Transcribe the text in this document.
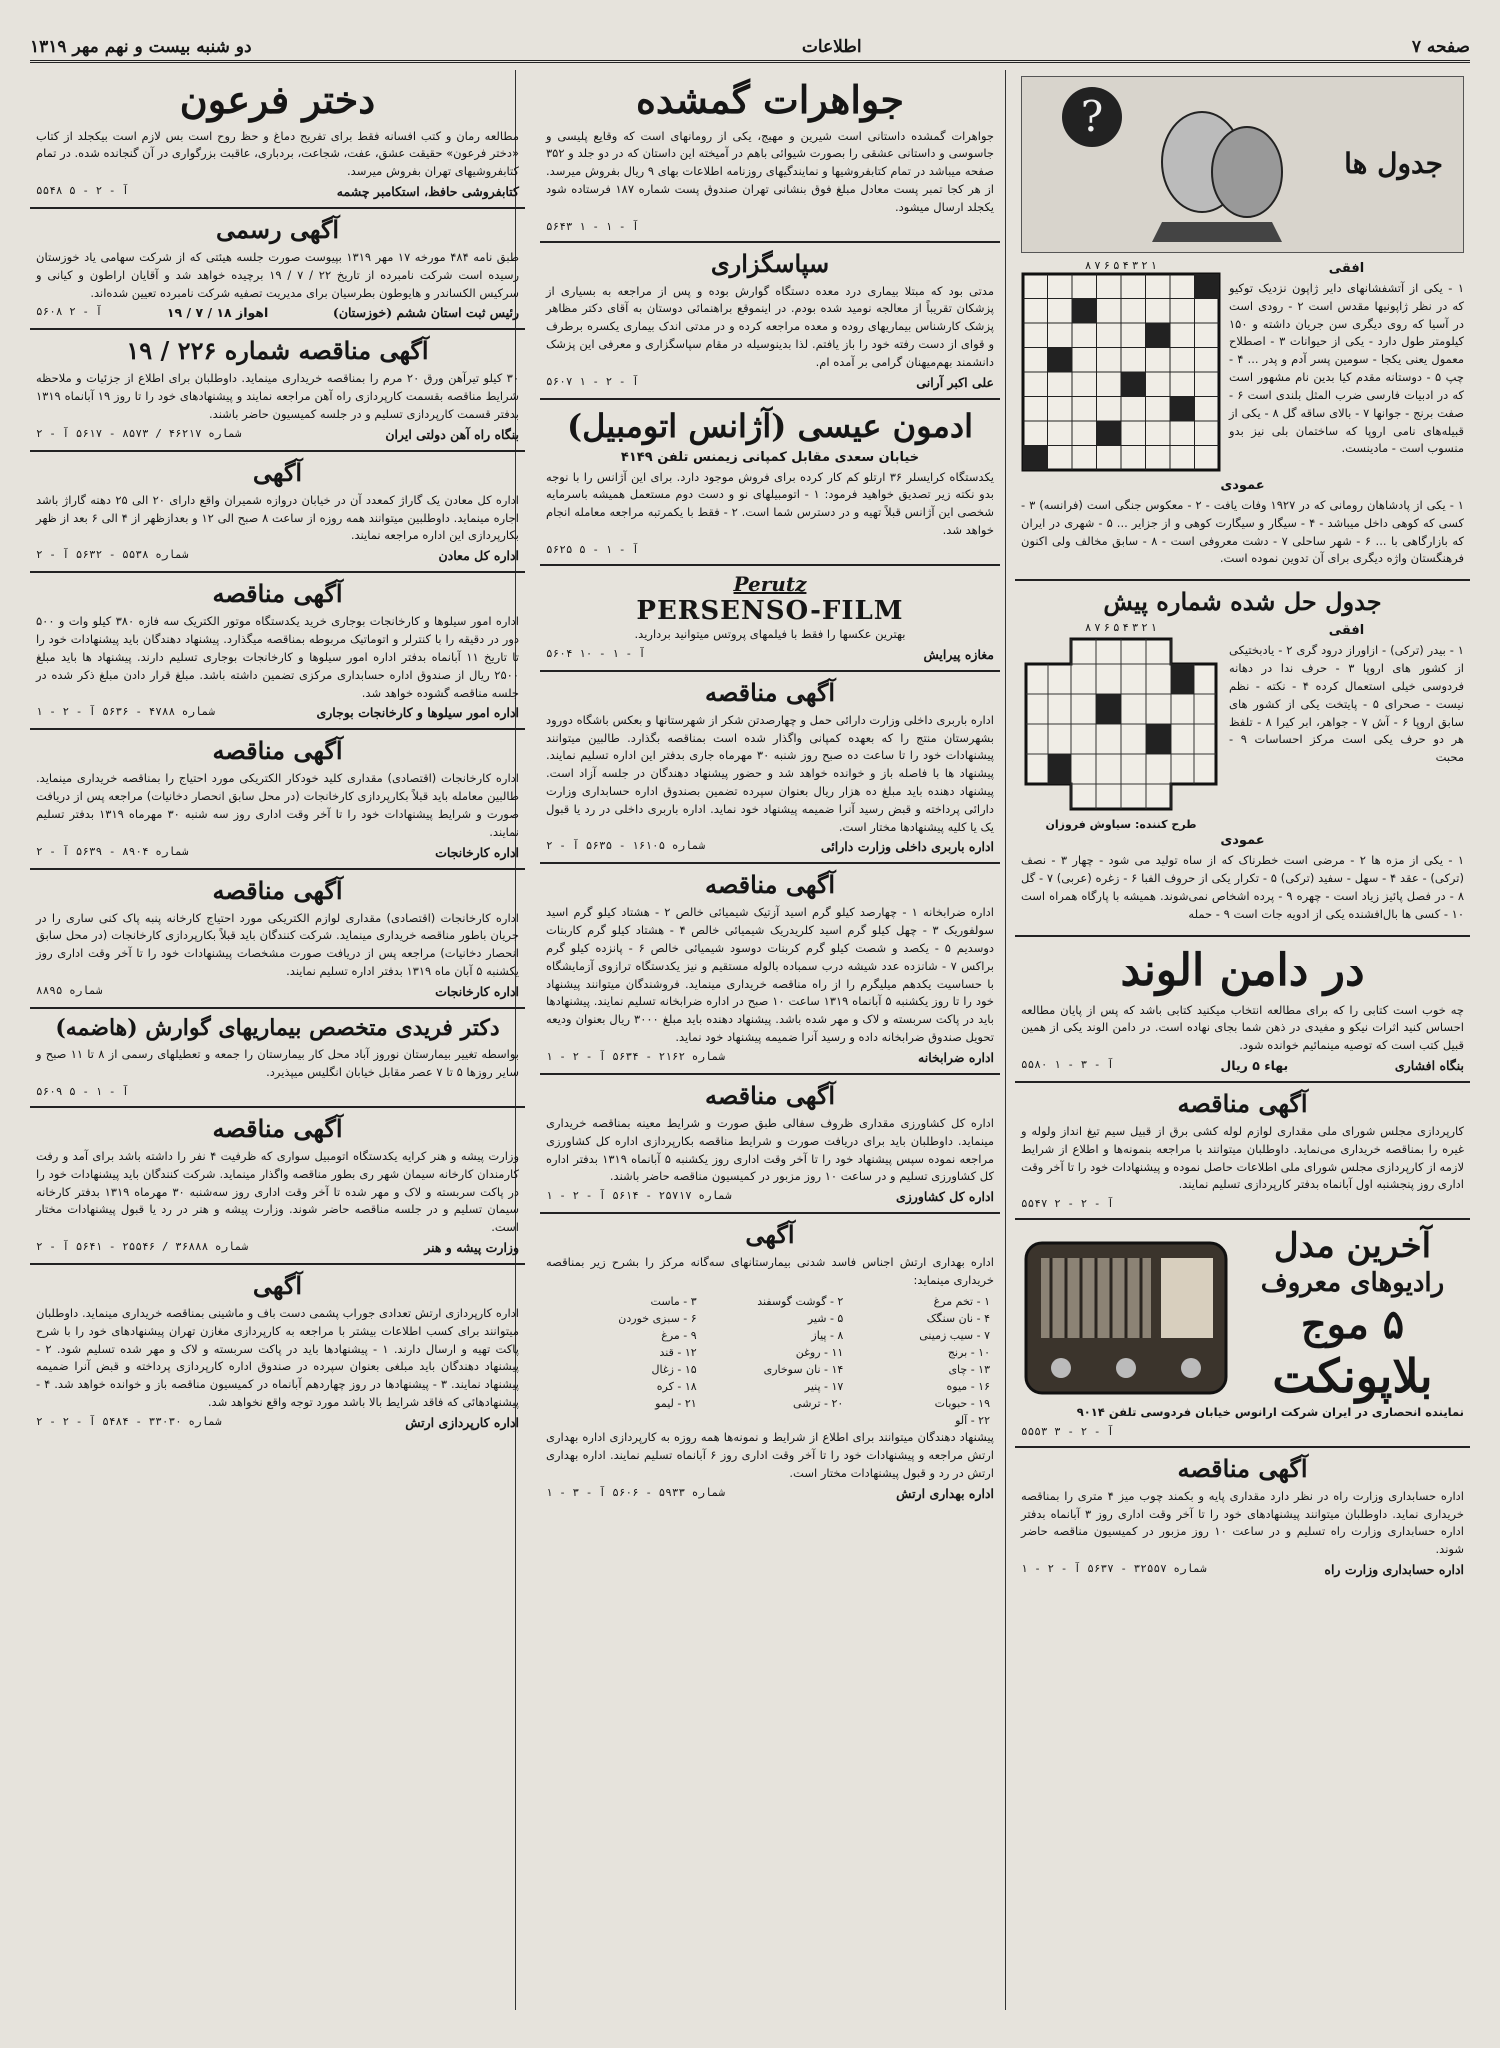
صفحه ۷
اطلاعات
دو شنبه بیست و نهم مهر ۱۳۱۹
?
جدول ها
افقی

۱ - یکی از آتشفشانهای دایر ژاپون نزدیک توکیو که در نظر ژاپونیها مقدس است ۲ - رودی است در آسیا که روی دیگری سن جریان داشته و ۱۵۰ کیلومتر طول دارد - یکی از حیوانات ۳ - اصطلاح معمول یعنی یکجا - سومین پسر آدم و پدر ... ۴ - چپ ۵ - دوستانه مقدم کیا بدین نام مشهور است که در ادبیات فارسی ضرب المثل بلندی است ۶ - صفت برنج - جوانها ۷ - بالای ساقه گل ۸ - یکی از قبیله‌های نامی اروپا که ساختمان بلی نیز بدو منسوب است - مادینست.

۸ ۷ ۶ ۵ ۴ ۳ ۲ ۱
عمودی

۱ - یکی از پادشاهان رومانی که در ۱۹۲۷ وفات یافت - ۲ - معکوس جنگی است (فرانسه) ۳ - کسی که کوهی داخل میباشد - ۴ - سیگار و سیگارت کوهی و از جزایر ... ۵ - شهری در ایران که بازارگاهی با ... ۶ - شهر ساحلی ۷ - دشت معروفی است - ۸ - سابق مخالف ولی اکنون فرهنگستان واژه دیگری برای آن تدوین نموده است.

جدول حل شده شماره پیش
افقی

۱ - بیدر (ترکی) - ازاوراز درود گری ۲ - یادبختیکی از کشور های اروپا ۳ - حرف ندا در دهانه فردوسی خیلی استعمال کرده ۴ - نکته - نظم نیست - صحرای ۵ - پایتخت یکی از کشور های سابق اروپا ۶ - آش ۷ - جواهر، ابر کیرا ۸ - تلفظ هر دو حرف یکی است مرکز احساسات ۹ - محبت

۸ ۷ ۶ ۵ ۴ ۳ ۲ ۱
طرح کننده: سیاوش فروزان
عمودی

۱ - یکی از مزه ها ۲ - مرضی است خطرناک که از ساه تولید می شود - چهار ۳ - نصف (ترکی) - عقد ۴ - سهل - سفید (ترکی) ۵ - تکرار یکی از حروف الفبا ۶ - زغره (عربی) ۷ - گل ۸ - در فصل پائیز زیاد است - چهره ۹ - پرده اشخاص نمی‌شوند. همیشه با پارگاه همراه است ۱۰ - کسی ها بال‌افشنده یکی از ادویه جات است ۹ - حمله

در دامن الوند

چه خوب است کتابی را که برای مطالعه انتخاب میکنید کتابی باشد که پس از پایان مطالعه احساس کنید اثرات نیکو و مفیدی در ذهن شما بجای نهاده است. در دامن الوند یکی از همین قبیل کتب است که توصیه مینمائیم خوانده شود.

بنگاه افشاری
بهاء ۵ ریال
۵۵۸۰ آ - ۳ - ۱
آگهی مناقصه

کارپردازی مجلس شورای ملی مقداری لوازم لوله کشی برق از قبیل سیم تیغ انداز ولوله و غیره را بمناقصه خریداری می‌نماید. داوطلبان میتوانند با مراجعه بنمونه‌ها و اطلاع از شرایط لازمه از کارپردازی مجلس شورای ملی اطلاعات حاصل نموده و پیشنهادات خود را تا آخر وقت اداری روز پنجشنبه اول آبانماه بدفتر کارپردازی تسلیم نمایند.

۵۵۴۷ آ - ۲ - ۲
آخرین مدل
رادیوهای معروف
۵ موج
بلاپونکت

نماینده انحصاری در ایران شرکت ارانوس خیابان فردوسی تلفن ۹۰۱۴

۵۵۵۳ آ - ۲ - ۳
آگهی مناقصه

اداره حسابداری وزارت راه در نظر دارد مقداری پایه و بکمند چوب میز ۴ متری را بمناقصه خریداری نماید. داوطلبان میتوانند پیشنهادهای خود را تا آخر وقت اداری روز ۳ آبانماه بدفتر اداره حسابداری وزارت راه تسلیم و در ساعت ۱۰ روز مزبور در کمیسیون مناقصه حاضر شوند.

اداره حسابداری وزارت راه
شماره ۳۲۵۵۷ - ۵۶۳۷ آ - ۲ - ۱
جواهرات گمشده

جواهرات گمشده داستانی است شیرین و مهیج، یکی از رومانهای است که وقایع پلیسی و جاسوسی و داستانی عشقی را بصورت شیوائی باهم در آمیخته این داستان که در دو جلد و ۳۵۲ صفحه میباشد در تمام کتابفروشیها و نمایندگیهای روزنامه اطلاعات بهای ۹ ریال بفروش میرسد. از هر کجا تمبر پست معادل مبلغ فوق بنشانی تهران صندوق پست شماره ۱۸۷ فرستاده شود یکجلد ارسال میشود.

۵۶۴۳ آ - ۱ - ۱
سپاسگزاری

مدتی بود که مبتلا بیماری درد معده دستگاه گوارش بوده و پس از مراجعه به بسیاری از پزشکان تقریباً از معالجه نومید شده بودم. در اینموقع براهنمائی دوستان به آقای دکتر مظاهر پزشک کارشناس بیماریهای روده و معده مراجعه کرده و در مدتی اندک بیماری یکسره برطرف و قوای از دست رفته خود را باز یافتم. لذا بدینوسیله در مقام سپاسگزاری و معرفی این پزشک دانشمند بهم‌میهنان گرامی بر آمده ام.

علی اکبر آرانی
۵۶۰۷ آ - ۲ - ۱
ادمون عیسی (آژانس اتومبیل)
خیابان سعدی مقابل کمپانی زیمنس تلفن ۴۱۴۹

یکدستگاه کرایسلر ۳۶ ارتلو کم کار کرده برای فروش موجود دارد. برای این آژانس را با نوجه بدو نکته زیر تصدیق خواهید فرمود: ۱ - اتومبیلهای نو و دست دوم مستعمل همیشه باسرمایه شخصی این آژانس قبلاً تهیه و در دسترس شما است. ۲ - فقط با یکمرتبه مراجعه معامله انجام خواهد شد.

۵۶۲۵ آ - ۱ - ۵
Perutz
PERSENSO-FILM

بهترین عکسها را فقط با فیلمهای پروتس میتوانید بردارید.

مغازه پیرایش
۵۶۰۴ آ - ۱ - ۱۰
آگهی مناقصه

اداره باربری داخلی وزارت دارائی حمل و چهارصدتن شکر از شهرستانها و بعکس باشگاه دورود بشهرستان منتج را که بعهده کمپانی واگذار شده است بمناقصه بگذارد. طالبین میتوانند پیشنهادات خود را تا ساعت ده صبح روز شنبه ۳۰ مهرماه جاری بدفتر این اداره تسلیم نمایند. پیشنهاد ها با فاصله باز و خوانده خواهد شد و حضور پیشنهاد دهندگان در جلسه آزاد است. پیشنهاد دهنده باید مبلغ ده هزار ریال بعنوان سپرده تضمین بصندوق اداره حسابداری وزارت دارائی پرداخته و قبض رسید آنرا ضمیمه پیشنهاد خود نماید. اداره باربری داخلی در رد یا قبول یک یا کلیه پیشنهادها مختار است.

اداره باربری داخلی وزارت دارائی
شماره ۱۶۱۰۵ - ۵۶۳۵ آ - ۲
آگهی مناقصه

اداره ضرابخانه ۱ - چهارصد کیلو گرم اسید آزتیک شیمیائی خالص ۲ - هشتاد کیلو گرم اسید سولفوریک ۳ - چهل کیلو گرم اسید کلریدریک شیمیائی خالص ۴ - هشتاد کیلو گرم کاربنات دوسدیم ۵ - یکصد و شصت کیلو گرم کربنات دوسود شیمیائی خالص ۶ - پانزده کیلو گرم براکس ۷ - شانزده عدد شیشه درب سمباده بالوله مستقیم و نیز یکدستگاه ترازوی آزمایشگاه با حساسیت یکدهم میلیگرم را از راه مناقصه خریداری مینماید. فروشندگان میتوانند پیشنهاد خود را تا روز یکشنبه ۵ آبانماه ۱۳۱۹ ساعت ۱۰ صبح در اداره ضرابخانه تسلیم نمایند. پیشنهادها باید در پاکت سربسته و لاک و مهر شده باشد. پیشنهاد دهنده باید مبلغ ۳۰۰۰ ریال بعنوان ودیعه تحویل صندوق ضرابخانه داده و رسید آنرا ضمیمه پیشنهاد خود نماید.

اداره ضرابخانه
شماره ۲۱۶۲ - ۵۶۳۴ آ - ۲ - ۱
آگهی مناقصه

اداره کل کشاورزی مقداری ظروف سفالی طبق صورت و شرایط معینه بمناقصه خریداری مینماید. داوطلبان باید برای دریافت صورت و شرایط مناقصه بکارپردازی اداره کل کشاورزی مراجعه نموده سپس پیشنهاد خود را تا آخر وقت اداری روز یکشنبه ۵ آبانماه ۱۳۱۹ بدفتر اداره کل کشاورزی تسلیم و در ساعت ۱۰ روز مزبور در کمیسیون مناقصه حاضر باشند.

اداره کل کشاورزی
شماره ۲۵۷۱۷ - ۵۶۱۴ آ - ۲ - ۱
آگهی

اداره بهداری ارتش اجناس فاسد شدنی بیمارستانهای سه‌گانه مرکز را بشرح زیر بمناقصه خریداری مینماید:

۱ - تخم مرغ
۲ - گوشت گوسفند
۳ - ماست
۴ - نان سنگک
۵ - شیر
۶ - سبزی خوردن
۷ - سیب زمینی
۸ - پیاز
۹ - مرغ
۱۰ - برنج
۱۱ - روغن
۱۲ - قند
۱۳ - چای
۱۴ - نان سوخاری
۱۵ - زغال
۱۶ - میوه
۱۷ - پنیر
۱۸ - کره
۱۹ - حبوبات
۲۰ - ترشی
۲۱ - لیمو
۲۲ - آلو

پیشنهاد دهندگان میتوانند برای اطلاع از شرایط و نمونه‌ها همه روزه به کارپردازی اداره بهداری ارتش مراجعه و پیشنهادات خود را تا آخر وقت اداری روز ۶ آبانماه تسلیم نمایند. اداره بهداری ارتش در رد و قبول پیشنهادات مختار است.

اداره بهداری ارتش
شماره ۵۹۳۳ - ۵۶۰۶ آ - ۳ - ۱
دختر فرعون

مطالعه رمان و کتب افسانه فقط برای تفریح دماغ و حظ روح است بس لازم است بیکجلد از کتاب «دختر فرعون» حقیقت عشق، عفت، شجاعت، بردباری، عاقبت بزرگواری در آن گنجانده شده. در تمام کتابفروشیهای تهران بفروش میرسد.

کتابفروشی حافظ، استکامبر چشمه
۵۵۴۸ آ - ۲ - ۵
آگهی رسمی

طبق نامه ۴۸۴ مورخه ۱۷ مهر ۱۳۱۹ بپیوست صورت جلسه هیئتی که از شرکت سهامی یاد خوزستان رسیده است شرکت نامبرده از تاریخ ۲۲ / ۷ / ۱۹ برچیده خواهد شد و آقایان اراطون و کیانی و سرکیس الکساندر و هایوطون بطرسیان برای مدیریت تصفیه شرکت نامبرده تعیین شده‌اند.

رئیس ثبت استان ششم (خوزستان)
اهواز ۱۸ / ۷ / ۱۹
۵۶۰۸ آ - ۲
آگهی مناقصه شماره ۲۲۶ / ۱۹

۳۰ کیلو تیرآهن ورق ۲۰ مرم را بمناقصه خریداری مینماید. داوطلبان برای اطلاع از جزئیات و ملاحظه شرایط مناقصه بقسمت کارپردازی راه آهن مراجعه نمایند و پیشنهادهای خود را تا روز ۱۹ آبانماه ۱۳۱۹ بدفتر قسمت کارپردازی تسلیم و در جلسه کمیسیون حاضر باشند.

بنگاه راه آهن دولتی ایران
شماره ۴۶۲۱۷ / ۸۵۷۳ - ۵۶۱۷ آ - ۲
آگهی

اداره کل معادن یک گاراژ کمعدد آن در خیابان دروازه شمیران واقع دارای ۲۰ الی ۲۵ دهنه گاراژ باشد اجاره مینماید. داوطلبین میتوانند همه روزه از ساعت ۸ صبح الی ۱۲ و بعدازظهر از ۴ الی ۶ بعد از ظهر بکارپردازی این اداره مراجعه نمایند.

اداره کل معادن
شماره ۵۵۳۸ - ۵۶۳۲ آ - ۲
آگهی مناقصه

اداره امور سیلوها و کارخانجات بوجاری خرید یکدستگاه موتور الکتریک سه فازه ۳۸۰ کیلو وات و ۵۰۰ دور در دقیقه را با کنترلر و اتوماتیک مربوطه بمناقصه میگذارد. پیشنهاد دهندگان باید پیشنهادات خود را تا تاریخ ۱۱ آبانماه بدفتر اداره امور سیلوها و کارخانجات بوجاری تسلیم دارند. پیشنهاد ها باید مبلغ ۲۵۰۰ ریال از صندوق اداره حسابداری مرکزی تضمین داشته باشد. مبلغ قرار دادن مبلغ ذکر شده در جلسه مناقصه گشوده خواهد شد.

اداره امور سیلوها و کارخانجات بوجاری
شماره ۴۷۸۸ - ۵۶۳۶ آ - ۲ - ۱
آگهی مناقصه

اداره کارخانجات (اقتصادی) مقداری کلید خودکار الکتریکی مورد احتیاج را بمناقصه خریداری مینماید. طالبین معامله باید قبلاً بکارپردازی کارخانجات (در محل سابق انحصار دخانیات) مراجعه پس از دریافت صورت و شرایط پیشنهادات خود را تا آخر وقت اداری روز سه شنبه ۳۰ مهرماه ۱۳۱۹ بدفتر تسلیم نمایند.

اداره کارخانجات
شماره ۸۹۰۴ - ۵۶۳۹ آ - ۲
آگهی مناقصه

اداره کارخانجات (اقتصادی) مقداری لوازم الکتریکی مورد احتیاج کارخانه پنبه پاک کنی ساری را در جریان باطور مناقصه خریداری مینماید. شرکت کنندگان باید قبلاً بکارپردازی کارخانجات (در محل سابق انحصار دخانیات) مراجعه پس از دریافت صورت مشخصات پیشنهادات خود را تا آخر وقت اداری روز یکشنبه ۵ آبان ماه ۱۳۱۹ بدفتر اداره تسلیم نمایند.

اداره کارخانجات
شماره ۸۸۹۵
دکتر فریدی متخصص بیماریهای گوارش (هاضمه)

بواسطه تغییر بیمارستان نوروز آباد محل کار بیمارستان را جمعه و تعطیلهای رسمی از ۸ تا ۱۱ صبح و سایر روزها ۵ تا ۷ عصر مقابل خیابان انگلیس میپذیرد.

۵۶۰۹ آ - ۱ - ۵
آگهی مناقصه

وزارت پیشه و هنر کرایه یکدستگاه اتومبیل سواری که ظرفیت ۴ نفر را داشته باشد برای آمد و رفت کارمندان کارخانه سیمان شهر ری بطور مناقصه واگذار مینماید. شرکت کنندگان باید پیشنهادات خود را در پاکت سربسته و لاک و مهر شده تا آخر وقت اداری روز سه‌شنبه ۳۰ مهرماه ۱۳۱۹ بدفتر کارخانه سیمان تسلیم و در جلسه مناقصه حاضر شوند. وزارت پیشه و هنر در رد یا قبول پیشنهادات مختار است.

وزارت پیشه و هنر
شماره ۳۶۸۸۸ / ۲۵۵۴۶ - ۵۶۴۱ آ - ۲
آگهی

اداره کارپردازی ارتش تعدادی جوراب پشمی دست باف و ماشینی بمناقصه خریداری مینماید. داوطلبان میتوانند برای کسب اطلاعات بیشتر با مراجعه به کارپردازی مغازن تهران پیشنهادهای خود را با شرح پاکت تهیه و ارسال دارند. ۱ - پیشنهادها باید در پاکت سربسته و لاک و مهر شده تسلیم شود. ۲ - پیشنهاد دهندگان باید مبلغی بعنوان سپرده در صندوق اداره کارپردازی پرداخته و قبض آنرا ضمیمه پیشنهاد نمایند. ۳ - پیشنهادها در روز چهاردهم آبانماه در کمیسیون مناقصه باز و خوانده خواهد شد. ۴ - پیشنهادهائی که فاقد شرایط بالا باشد مورد توجه واقع نخواهد شد.

اداره کارپردازی ارتش
شماره ۳۳۰۳۰ - ۵۴۸۴ آ - ۲ - ۲
